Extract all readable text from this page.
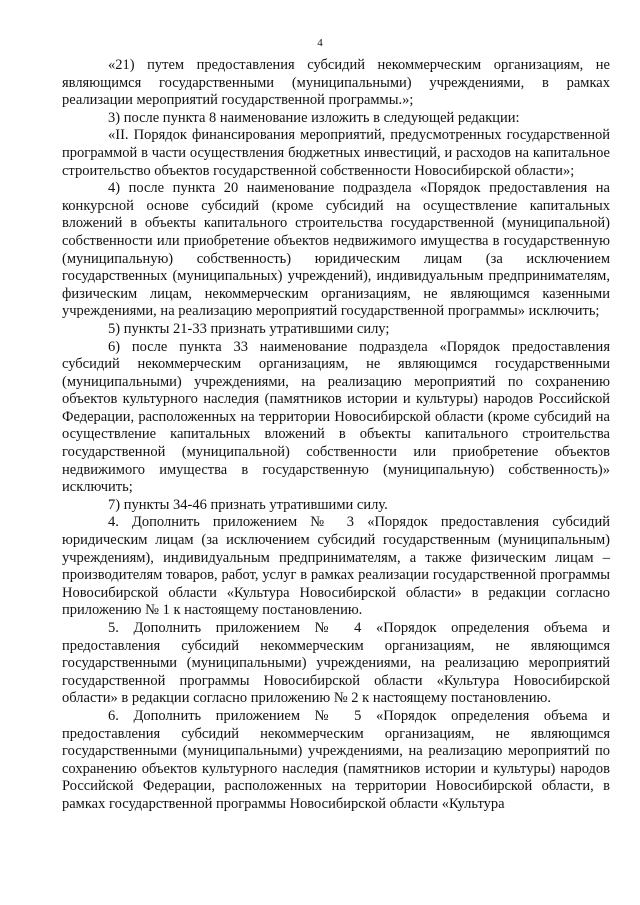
4

«21) путем предоставления субсидий некоммерческим организациям, не являющимся государственными (муниципальными) учреждениями, в рамках реализации мероприятий государственной программы.»;

3) после пункта 8 наименование изложить в следующей редакции:

«II. Порядок финансирования мероприятий, предусмотренных государственной программой в части осуществления бюджетных инвестиций, и расходов на капитальное строительство объектов государственной собственности Новосибирской области»;

4) после пункта 20 наименование подраздела «Порядок предоставления на конкурсной основе субсидий (кроме субсидий на осуществление капитальных вложений в объекты капитального строительства государственной (муниципальной) собственности или приобретение объектов недвижимого имущества в государственную (муниципальную) собственность) юридическим лицам (за исключением государственных (муниципальных) учреждений), индивидуальным предпринимателям, физическим лицам, некоммерческим организациям, не являющимся казенными учреждениями, на реализацию мероприятий государственной программы» исключить;

5) пункты 21-33 признать утратившими силу;

6) после пункта 33 наименование подраздела «Порядок предоставления субсидий некоммерческим организациям, не являющимся государственными (муниципальными) учреждениями, на реализацию мероприятий по сохранению объектов культурного наследия (памятников истории и культуры) народов Российской Федерации, расположенных на территории Новосибирской области (кроме субсидий на осуществление капитальных вложений в объекты капитального строительства государственной (муниципальной) собственности или приобретение объектов недвижимого имущества в государственную (муниципальную) собственность)» исключить;

7) пункты 34-46 признать утратившими силу.

4. Дополнить приложением № 3 «Порядок предоставления субсидий юридическим лицам (за исключением субсидий государственным (муниципальным) учреждениям), индивидуальным предпринимателям, а также физическим лицам – производителям товаров, работ, услуг в рамках реализации государственной программы Новосибирской области «Культура Новосибирской области» в редакции согласно приложению № 1 к настоящему постановлению.

5. Дополнить приложением № 4 «Порядок определения объема и предоставления субсидий некоммерческим организациям, не являющимся государственными (муниципальными) учреждениями, на реализацию мероприятий государственной программы Новосибирской области «Культура Новосибирской области» в редакции согласно приложению № 2 к настоящему постановлению.

6. Дополнить приложением № 5 «Порядок определения объема и предоставления субсидий некоммерческим организациям, не являющимся государственными (муниципальными) учреждениями, на реализацию мероприятий по сохранению объектов культурного наследия (памятников истории и культуры) народов Российской Федерации, расположенных на территории Новосибирской области, в рамках государственной программы Новосибирской области «Культура
